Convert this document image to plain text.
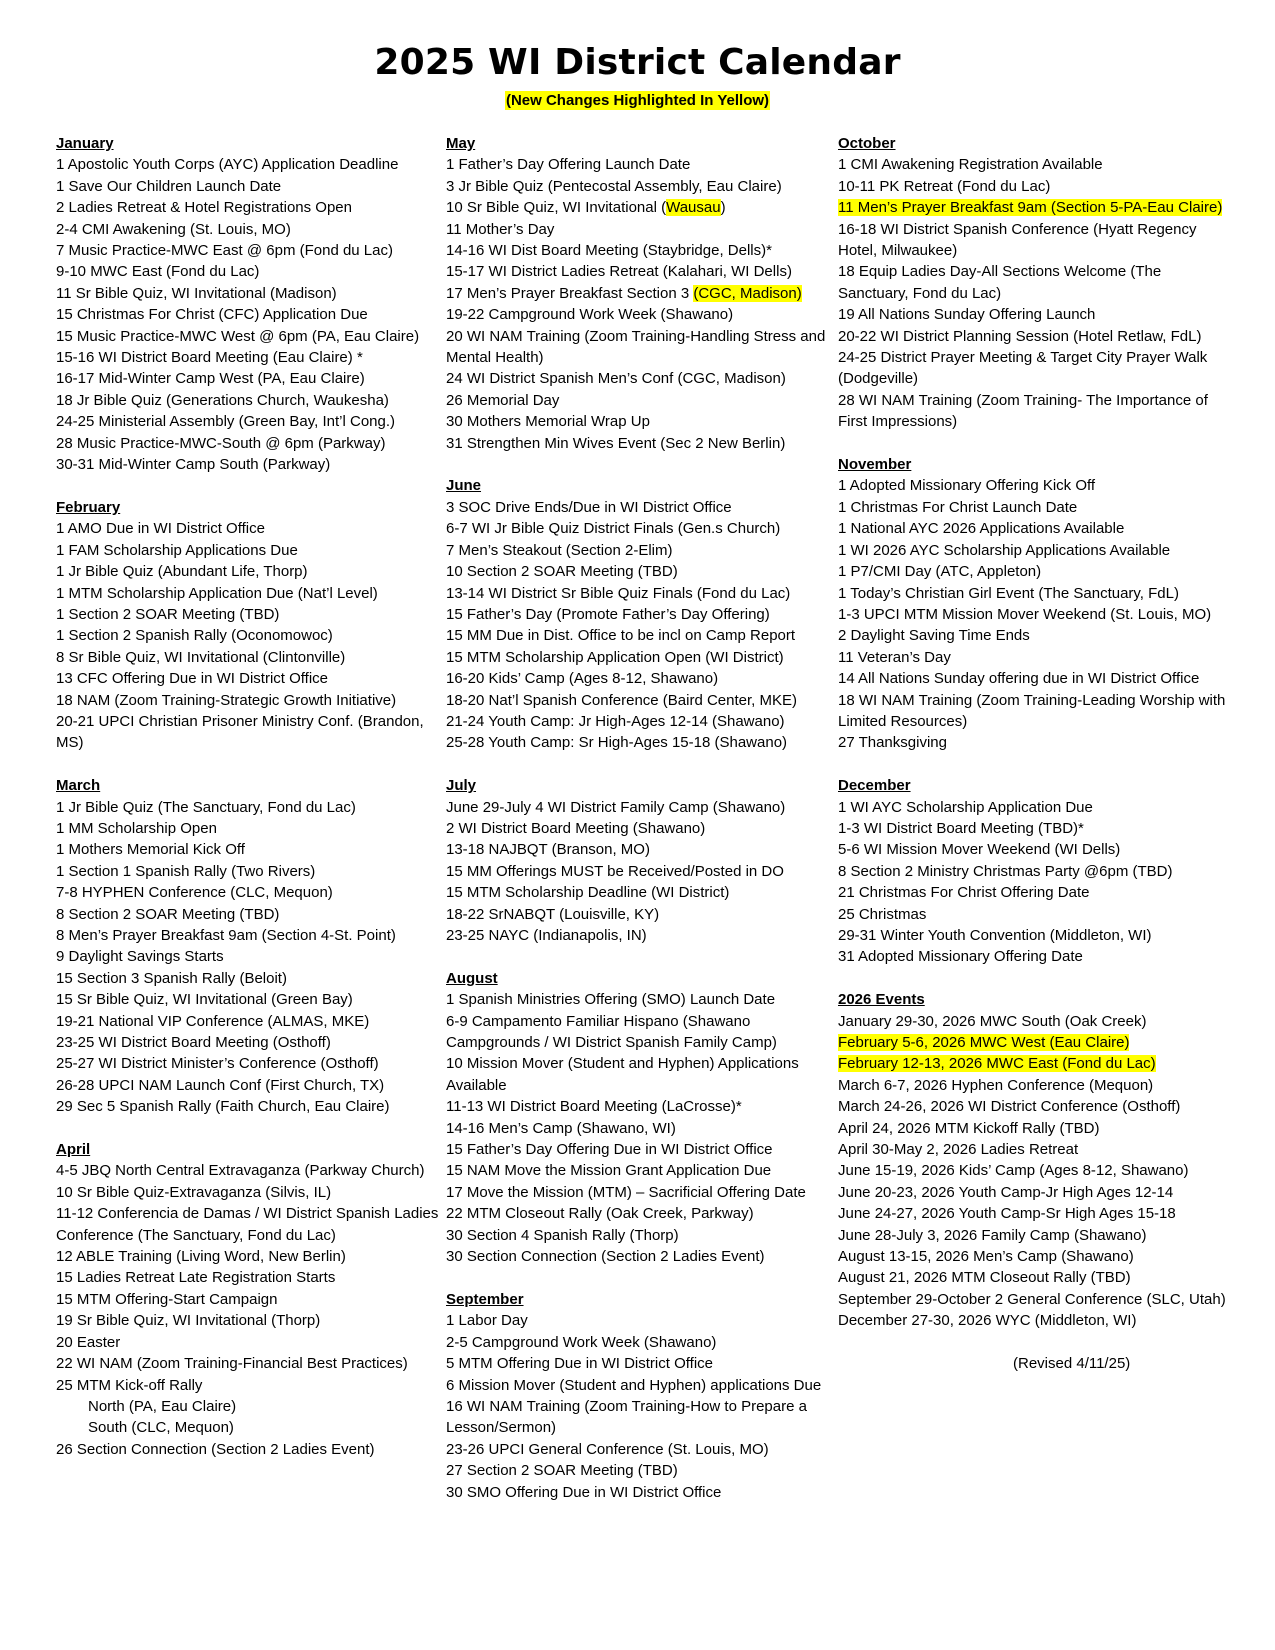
2025 WI District Calendar
(New Changes Highlighted In Yellow)
January
1 Apostolic Youth Corps (AYC) Application Deadline
1 Save Our Children Launch Date
2 Ladies Retreat & Hotel Registrations Open
2-4 CMI Awakening (St. Louis, MO)
7 Music Practice-MWC East @ 6pm (Fond du Lac)
9-10 MWC East (Fond du Lac)
11 Sr Bible Quiz, WI Invitational (Madison)
15 Christmas For Christ (CFC) Application Due
15 Music Practice-MWC West @ 6pm (PA, Eau Claire)
15-16 WI District Board Meeting (Eau Claire) *
16-17 Mid-Winter Camp West (PA, Eau Claire)
18 Jr Bible Quiz (Generations Church, Waukesha)
24-25 Ministerial Assembly (Green Bay, Int’l Cong.)
28 Music Practice-MWC-South @ 6pm (Parkway)
30-31 Mid-Winter Camp South (Parkway)
February
1 AMO Due in WI District Office
1 FAM Scholarship Applications Due
1 Jr Bible Quiz (Abundant Life, Thorp)
1 MTM Scholarship Application Due (Nat’l Level)
1 Section 2 SOAR Meeting (TBD)
1 Section 2 Spanish Rally (Oconomowoc)
8 Sr Bible Quiz, WI Invitational (Clintonville)
13 CFC Offering Due in WI District Office
18 NAM (Zoom Training-Strategic Growth Initiative)
20-21 UPCI Christian Prisoner Ministry Conf. (Brandon, MS)
March
1 Jr Bible Quiz (The Sanctuary, Fond du Lac)
1 MM Scholarship Open
1 Mothers Memorial Kick Off
1 Section 1 Spanish Rally (Two Rivers)
7-8 HYPHEN Conference (CLC, Mequon)
8 Section 2 SOAR Meeting (TBD)
8 Men’s Prayer Breakfast 9am (Section 4-St. Point)
9 Daylight Savings Starts
15 Section 3 Spanish Rally (Beloit)
15 Sr Bible Quiz, WI Invitational (Green Bay)
19-21 National VIP Conference (ALMAS, MKE)
23-25 WI District Board Meeting (Osthoff)
25-27 WI District Minister’s Conference (Osthoff)
26-28 UPCI NAM Launch Conf (First Church, TX)
29 Sec 5 Spanish Rally (Faith Church, Eau Claire)
April
4-5 JBQ North Central Extravaganza (Parkway Church)
10 Sr Bible Quiz-Extravaganza (Silvis, IL)
11-12 Conferencia de Damas / WI District Spanish Ladies Conference (The Sanctuary, Fond du Lac)
12 ABLE Training (Living Word, New Berlin)
15 Ladies Retreat Late Registration Starts
15 MTM Offering-Start Campaign
19 Sr Bible Quiz, WI Invitational (Thorp)
20 Easter
22 WI NAM (Zoom Training-Financial Best Practices)
25 MTM Kick-off Rally
North (PA, Eau Claire)
South (CLC, Mequon)
26 Section Connection (Section 2 Ladies Event)
May
1 Father’s Day Offering Launch Date
3 Jr Bible Quiz (Pentecostal Assembly, Eau Claire)
10 Sr Bible Quiz, WI Invitational (Wausau)
11 Mother’s Day
14-16 WI Dist Board Meeting (Staybridge, Dells)*
15-17 WI District Ladies Retreat (Kalahari, WI Dells)
17 Men’s Prayer Breakfast Section 3 (CGC, Madison)
19-22 Campground Work Week (Shawano)
20 WI NAM Training (Zoom Training-Handling Stress and Mental Health)
24 WI District Spanish Men’s Conf (CGC, Madison)
26 Memorial Day
30 Mothers Memorial Wrap Up
31 Strengthen Min Wives Event (Sec 2 New Berlin)
June
3 SOC Drive Ends/Due in WI District Office
6-7 WI Jr Bible Quiz District Finals (Gen.s Church)
7 Men’s Steakout (Section 2-Elim)
10 Section 2 SOAR Meeting (TBD)
13-14 WI District Sr Bible Quiz Finals (Fond du Lac)
15 Father’s Day (Promote Father’s Day Offering)
15 MM Due in Dist. Office to be incl on Camp Report
15 MTM Scholarship Application Open (WI District)
16-20 Kids’ Camp (Ages 8-12, Shawano)
18-20 Nat’l Spanish Conference (Baird Center, MKE)
21-24 Youth Camp: Jr High-Ages 12-14 (Shawano)
25-28 Youth Camp: Sr High-Ages 15-18 (Shawano)
July
June 29-July 4 WI District Family Camp (Shawano)
2 WI District Board Meeting (Shawano)
13-18 NAJBQT (Branson, MO)
15 MM Offerings MUST be Received/Posted in DO
15 MTM Scholarship Deadline (WI District)
18-22 SrNABQT (Louisville, KY)
23-25 NAYC (Indianapolis, IN)
August
1 Spanish Ministries Offering (SMO) Launch Date
6-9 Campamento Familiar Hispano (Shawano Campgrounds / WI District Spanish Family Camp)
10 Mission Mover (Student and Hyphen) Applications Available
11-13 WI District Board Meeting (LaCrosse)*
14-16 Men’s Camp (Shawano, WI)
15 Father’s Day Offering Due in WI District Office
15 NAM Move the Mission Grant Application Due
17 Move the Mission (MTM) – Sacrificial Offering Date
22 MTM Closeout Rally (Oak Creek, Parkway)
30 Section 4 Spanish Rally (Thorp)
30 Section Connection (Section 2 Ladies Event)
September
1 Labor Day
2-5 Campground Work Week (Shawano)
5 MTM Offering Due in WI District Office
6 Mission Mover (Student and Hyphen) applications Due
16 WI NAM Training (Zoom Training-How to Prepare a Lesson/Sermon)
23-26 UPCI General Conference (St. Louis, MO)
27 Section 2 SOAR Meeting (TBD)
30 SMO Offering Due in WI District Office
October
1 CMI Awakening Registration Available
10-11 PK Retreat (Fond du Lac)
11 Men’s Prayer Breakfast 9am (Section 5-PA-Eau Claire)
16-18 WI District Spanish Conference (Hyatt Regency Hotel, Milwaukee)
18 Equip Ladies Day-All Sections Welcome (The Sanctuary, Fond du Lac)
19 All Nations Sunday Offering Launch
20-22 WI District Planning Session (Hotel Retlaw, FdL)
24-25 District Prayer Meeting & Target City Prayer Walk (Dodgeville)
28 WI NAM Training (Zoom Training- The Importance of First Impressions)
November
1 Adopted Missionary Offering Kick Off
1 Christmas For Christ Launch Date
1 National AYC 2026 Applications Available
1 WI 2026 AYC Scholarship Applications Available
1 P7/CMI Day (ATC, Appleton)
1 Today’s Christian Girl Event (The Sanctuary, FdL)
1-3 UPCI MTM Mission Mover Weekend (St. Louis, MO)
2 Daylight Saving Time Ends
11 Veteran’s Day
14 All Nations Sunday offering due in WI District Office
18 WI NAM Training (Zoom Training-Leading Worship with Limited Resources)
27 Thanksgiving
December
1 WI AYC Scholarship Application Due
1-3 WI District Board Meeting (TBD)*
5-6 WI Mission Mover Weekend (WI Dells)
8 Section 2 Ministry Christmas Party @6pm (TBD)
21 Christmas For Christ Offering Date
25 Christmas
29-31 Winter Youth Convention (Middleton, WI)
31 Adopted Missionary Offering Date
2026 Events
January 29-30, 2026 MWC South (Oak Creek)
February 5-6, 2026 MWC West (Eau Claire)
February 12-13, 2026 MWC East (Fond du Lac)
March 6-7, 2026 Hyphen Conference (Mequon)
March 24-26, 2026 WI District Conference (Osthoff)
April 24, 2026 MTM Kickoff Rally (TBD)
April 30-May 2, 2026 Ladies Retreat
June 15-19, 2026 Kids’ Camp (Ages 8-12, Shawano)
June 20-23, 2026 Youth Camp-Jr High Ages 12-14
June 24-27, 2026 Youth Camp-Sr High Ages 15-18
June 28-July 3, 2026 Family Camp (Shawano)
August 13-15, 2026 Men’s Camp (Shawano)
August 21, 2026 MTM Closeout Rally (TBD)
September 29-October 2 General Conference (SLC, Utah)
December 27-30, 2026 WYC (Middleton, WI)

(Revised 4/11/25)
